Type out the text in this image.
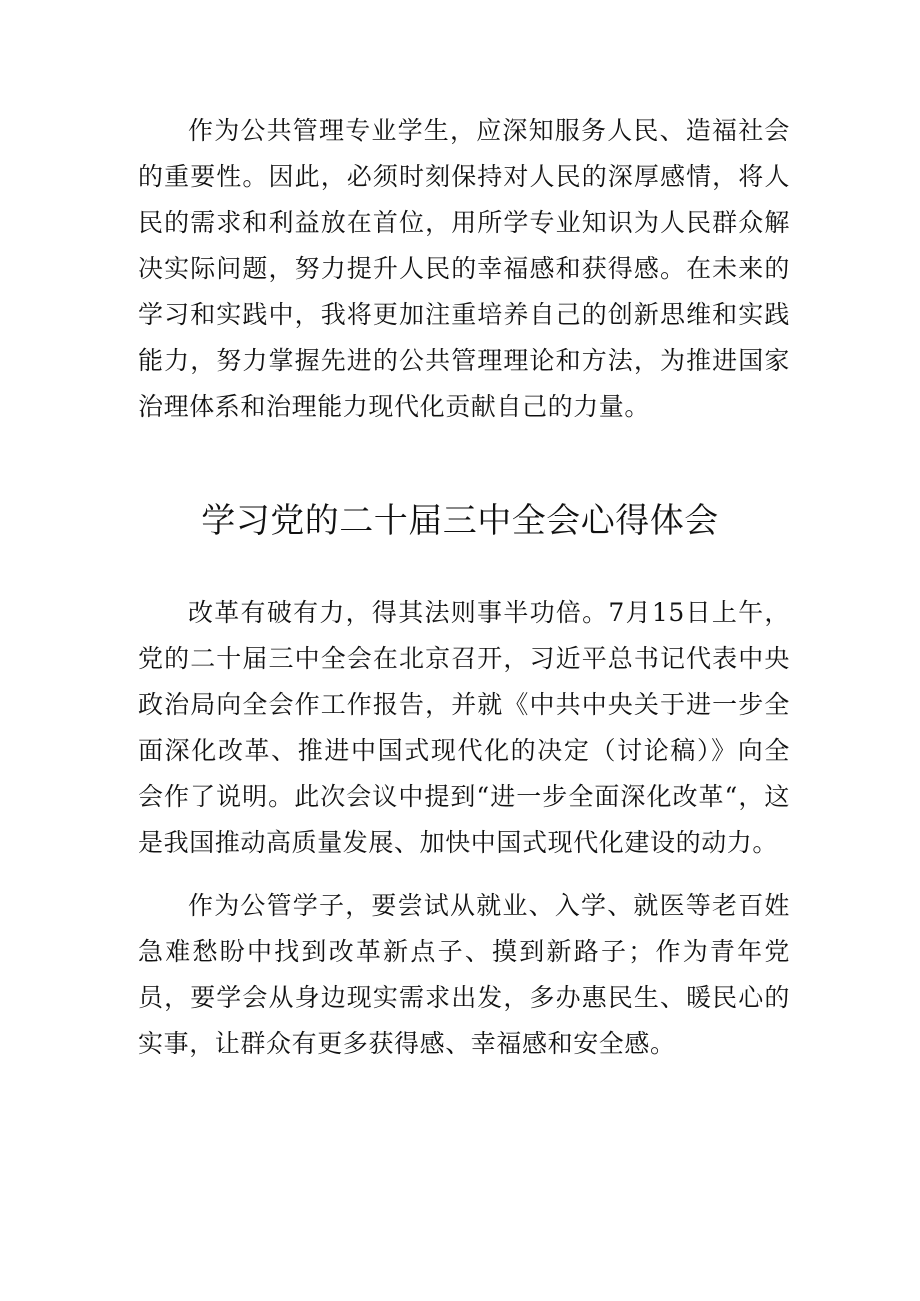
作为公共管理专业学生，应深知服务人民、造福社会的重要性。因此，必须时刻保持对人民的深厚感情，将人民的需求和利益放在首位，用所学专业知识为人民群众解决实际问题，努力提升人民的幸福感和获得感。在未来的学习和实践中，我将更加注重培养自己的创新思维和实践能力，努力掌握先进的公共管理理论和方法，为推进国家治理体系和治理能力现代化贡献自己的力量。

学习党的二十届三中全会心得体会

改革有破有力，得其法则事半功倍。7月15日上午，党的二十届三中全会在北京召开，习近平总书记代表中央政治局向全会作工作报告，并就《中共中央关于进一步全面深化改革、推进中国式现代化的决定（讨论稿）》向全会作了说明。此次会议中提到“进一步全面深化改革“，这是我国推动高质量发展、加快中国式现代化建设的动力。

作为公管学子，要尝试从就业、入学、就医等老百姓急难愁盼中找到改革新点子、摸到新路子；作为青年党员，要学会从身边现实需求出发，多办惠民生、暖民心的实事，让群众有更多获得感、幸福感和安全感。
